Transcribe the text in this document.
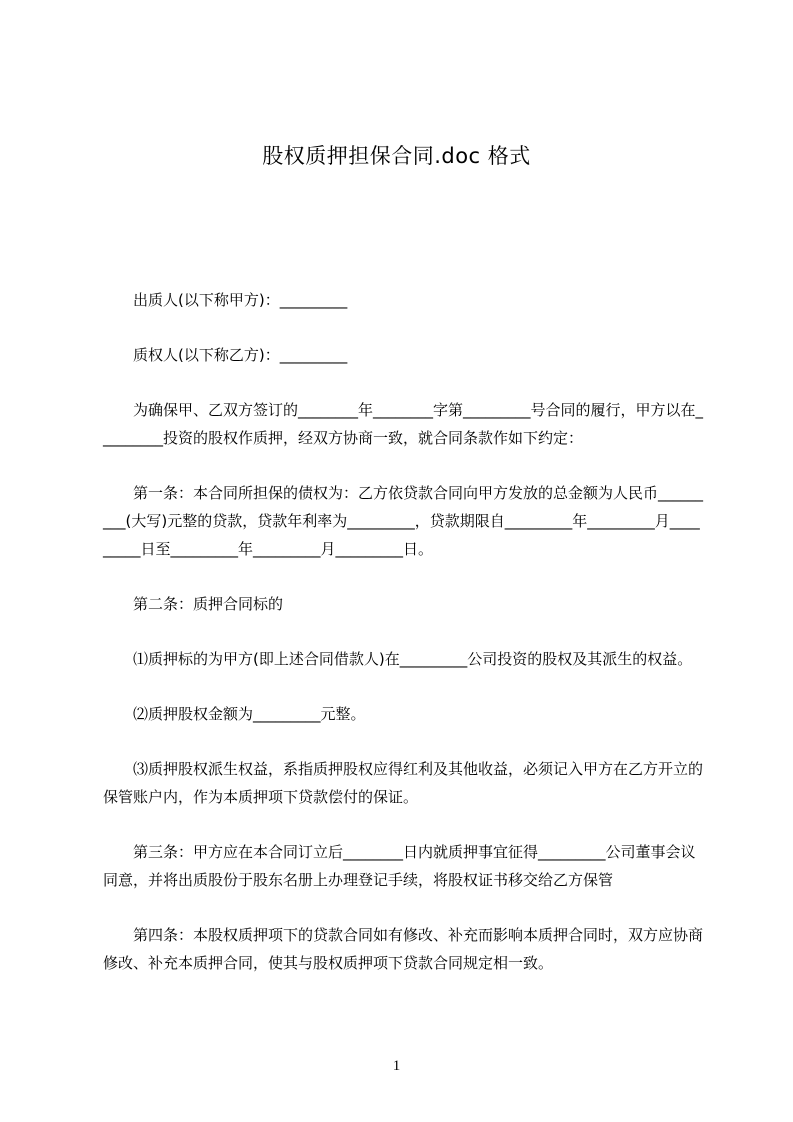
股权质押担保合同.doc 格式

出质人(以下称甲方)：_________

质权人(以下称乙方)：_________

为确保甲、乙双方签订的________年________字第_________号合同的履行，甲方以在_________投资的股权作质押，经双方协商一致，就合同条款作如下约定：

第一条：本合同所担保的债权为：乙方依贷款合同向甲方发放的总金额为人民币_________(大写)元整的贷款，贷款年利率为_________，贷款期限自_________年_________月_________日至_________年_________月_________日。

第二条：质押合同标的

⑴质押标的为甲方(即上述合同借款人)在_________公司投资的股权及其派生的权益。

⑵质押股权金额为_________元整。

⑶质押股权派生权益，系指质押股权应得红利及其他收益，必须记入甲方在乙方开立的保管账户内，作为本质押项下贷款偿付的保证。

第三条：甲方应在本合同订立后________日内就质押事宜征得_________公司董事会议同意，并将出质股份于股东名册上办理登记手续，将股权证书移交给乙方保管

第四条：本股权质押项下的贷款合同如有修改、补充而影响本质押合同时，双方应协商修改、补充本质押合同，使其与股权质押项下贷款合同规定相一致。

1
